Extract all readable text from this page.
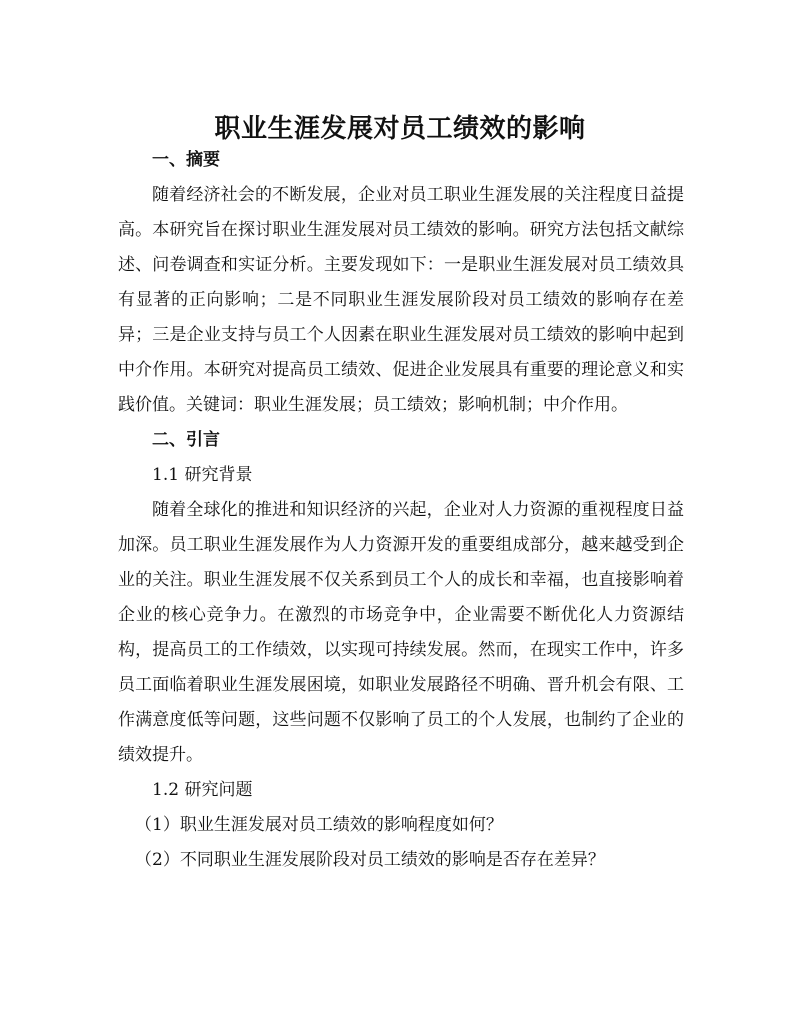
职业生涯发展对员工绩效的影响

一、摘要

随着经济社会的不断发展，企业对员工职业生涯发展的关注程度日益提高。本研究旨在探讨职业生涯发展对员工绩效的影响。研究方法包括文献综述、问卷调查和实证分析。主要发现如下：一是职业生涯发展对员工绩效具有显著的正向影响；二是不同职业生涯发展阶段对员工绩效的影响存在差异；三是企业支持与员工个人因素在职业生涯发展对员工绩效的影响中起到中介作用。本研究对提高员工绩效、促进企业发展具有重要的理论意义和实践价值。关键词：职业生涯发展；员工绩效；影响机制；中介作用。

二、引言

1.1 研究背景

随着全球化的推进和知识经济的兴起，企业对人力资源的重视程度日益加深。员工职业生涯发展作为人力资源开发的重要组成部分，越来越受到企业的关注。职业生涯发展不仅关系到员工个人的成长和幸福，也直接影响着企业的核心竞争力。在激烈的市场竞争中，企业需要不断优化人力资源结构，提高员工的工作绩效，以实现可持续发展。然而，在现实工作中，许多员工面临着职业生涯发展困境，如职业发展路径不明确、晋升机会有限、工作满意度低等问题，这些问题不仅影响了员工的个人发展，也制约了企业的绩效提升。

1.2 研究问题

（1）职业生涯发展对员工绩效的影响程度如何？

（2）不同职业生涯发展阶段对员工绩效的影响是否存在差异？
